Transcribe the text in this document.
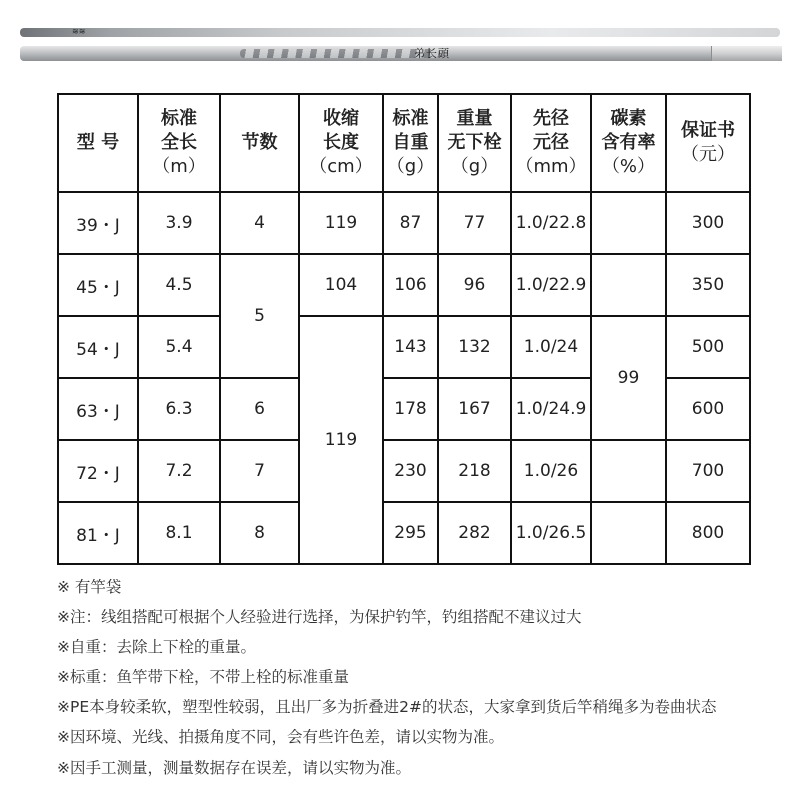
≋≋
弟长頭
型 号	标准
全长
（m）	节数	收缩
长度
（cm）	标准
自重
（g）	重量
无下栓
（g）	先径
元径
（mm）	碳素
含有率
（%）	保证书
（元）

39・J	3.9	4	119	87	77	1.0/22.8		300
45・J	4.5	5	104	106	96	1.0/22.9		350
54・J	5.4		119	143	132	1.0/24	99	500
63・J	6.3	6		178	167	1.0/24.9		600
72・J	7.2	7		230	218	1.0/26		700
81・J	8.1	8		295	282	1.0/26.5		800

※ 有竿袋

※注：线组搭配可根据个人经验进行选择，为保护钓竿，钓组搭配不建议过大

※自重：去除上下栓的重量。

※标重：鱼竿带下栓，不带上栓的标准重量

※PE本身较柔软，塑型性较弱，且出厂多为折叠进2#的状态，大家拿到货后竿稍绳多为卷曲状态

※因环境、光线、拍摄角度不同，会有些许色差，请以实物为准。

※因手工测量，测量数据存在误差，请以实物为准。
